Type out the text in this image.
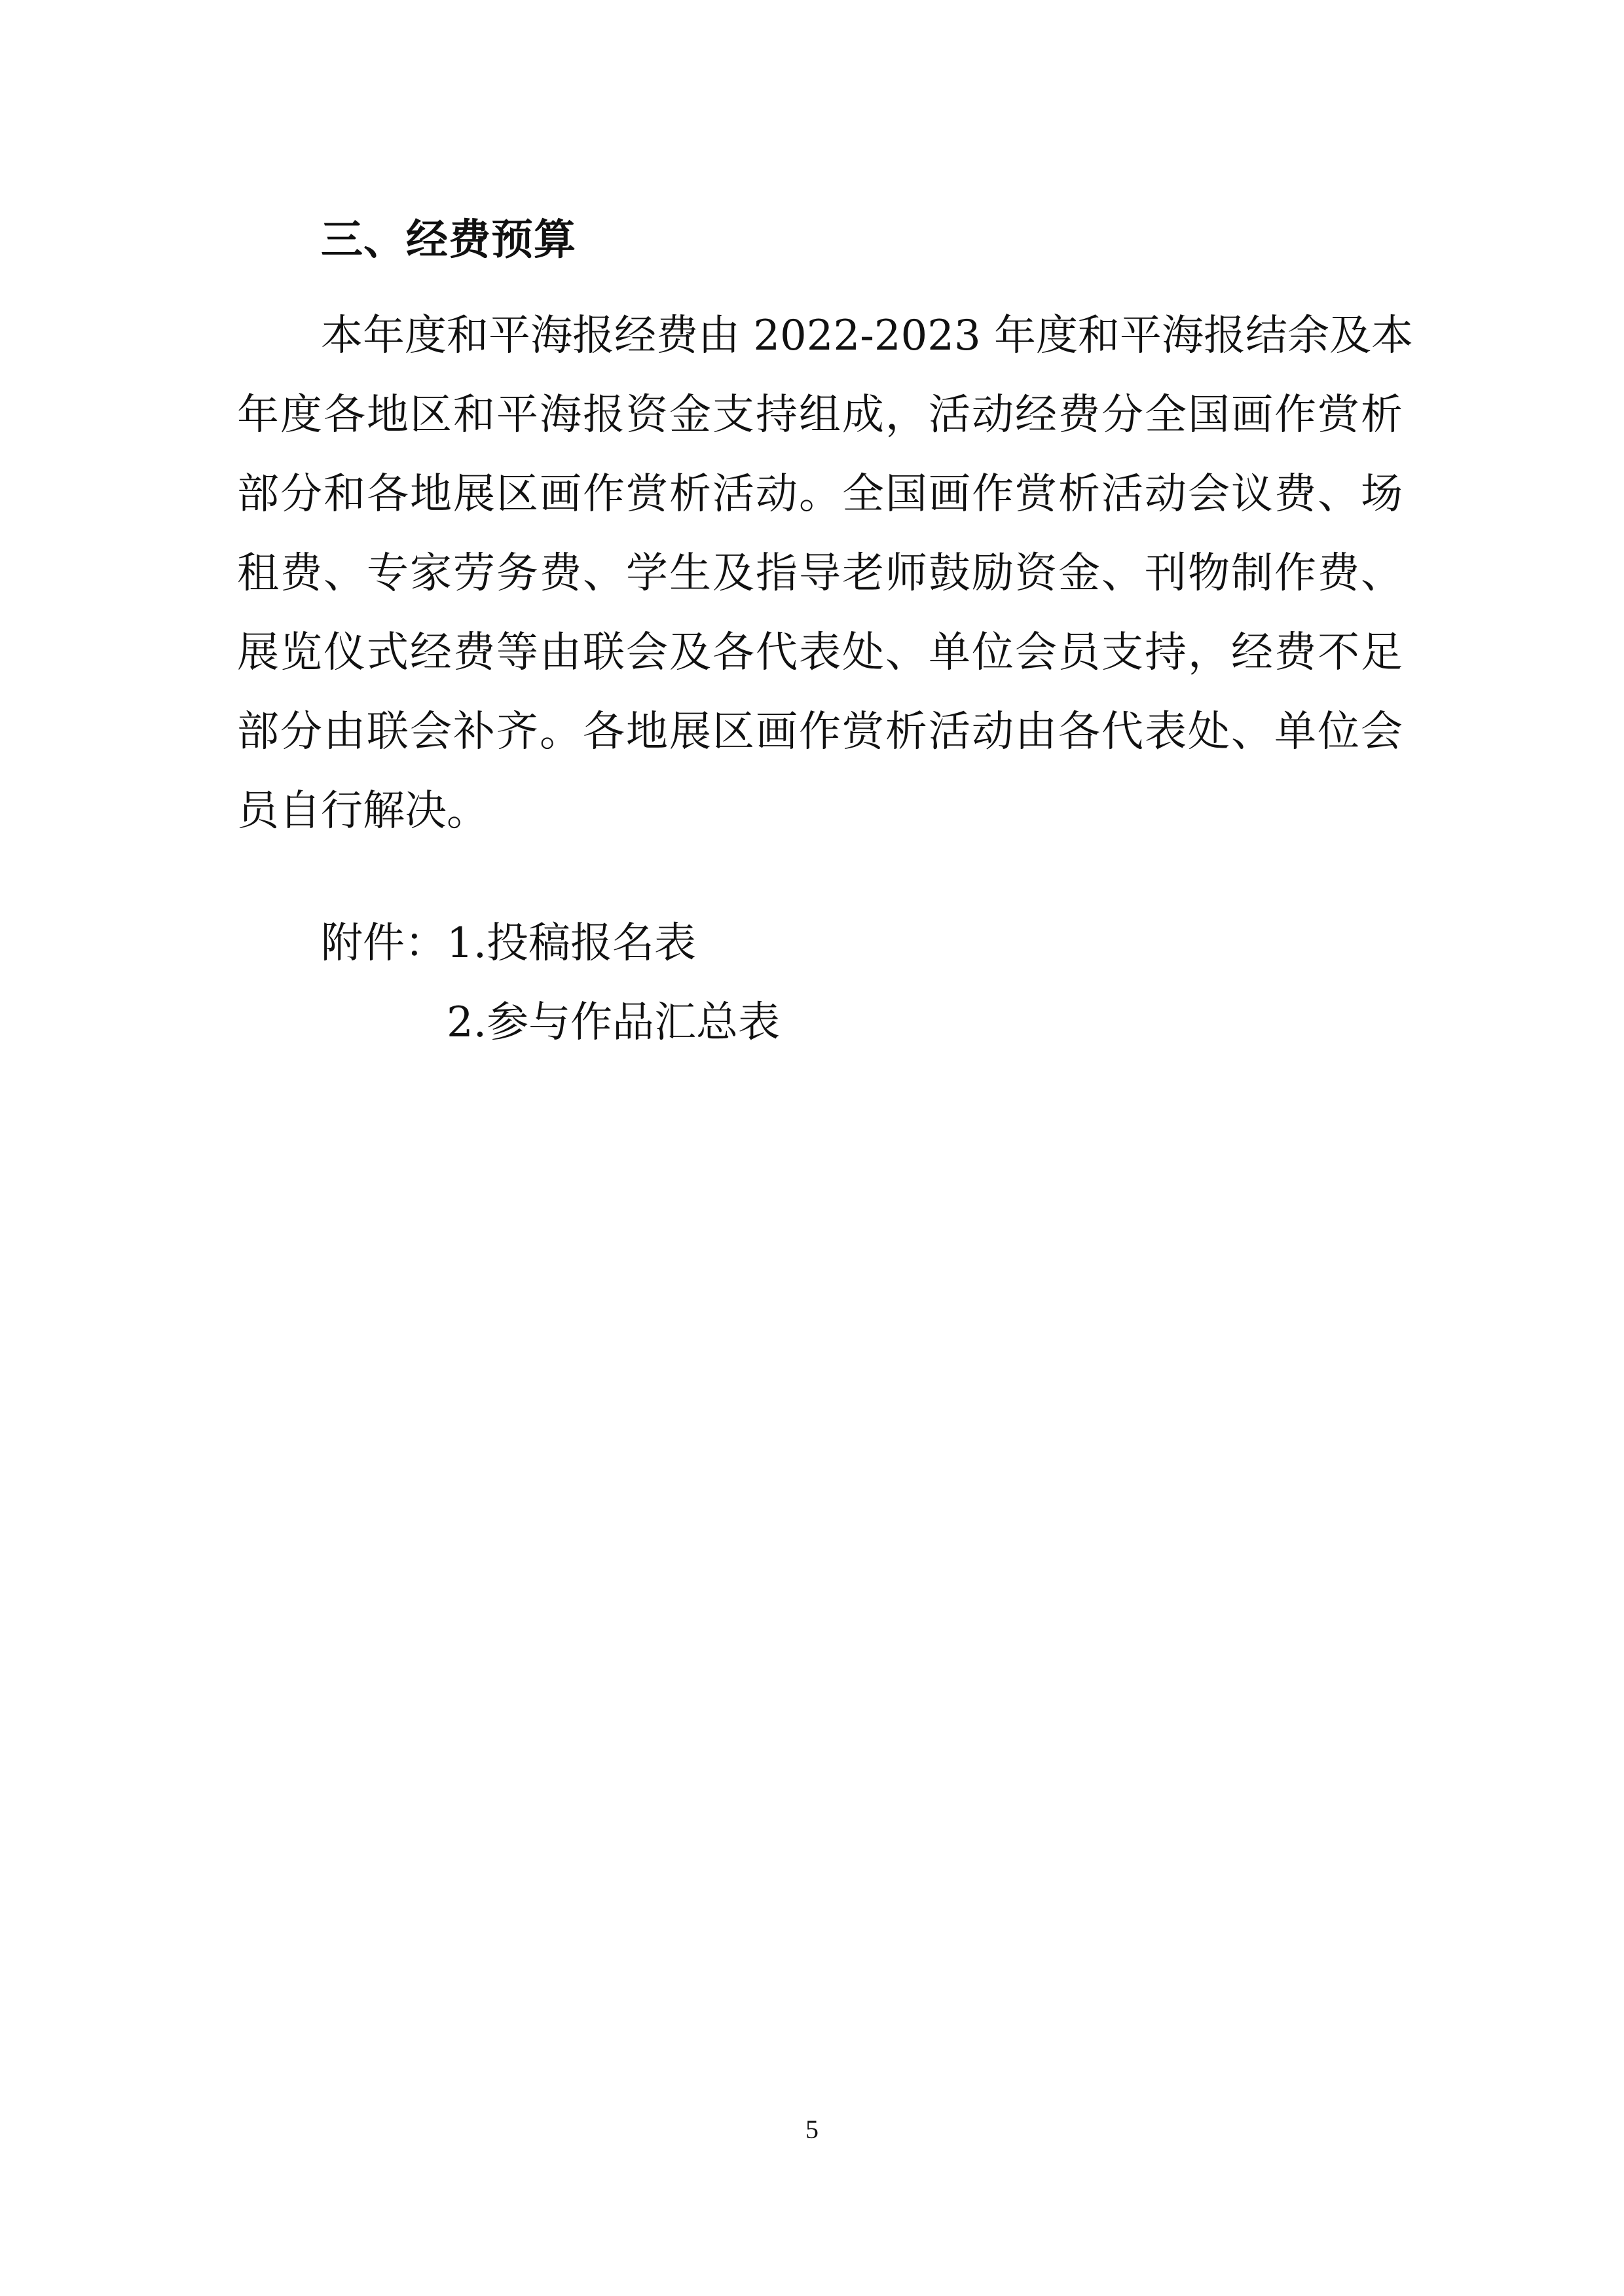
三、经费预算
本年度和平海报经费由 2022-2023 年度和平海报结余及本
年度各地区和平海报资金支持组成，活动经费分全国画作赏析
部分和各地展区画作赏析活动。全国画作赏析活动会议费、场
租费、专家劳务费、学生及指导老师鼓励资金、刊物制作费、
展览仪式经费等由联会及各代表处、单位会员支持，经费不足
部分由联会补齐。各地展区画作赏析活动由各代表处、单位会
员自行解决。
附件： 1.投稿报名表
2.参与作品汇总表
5
